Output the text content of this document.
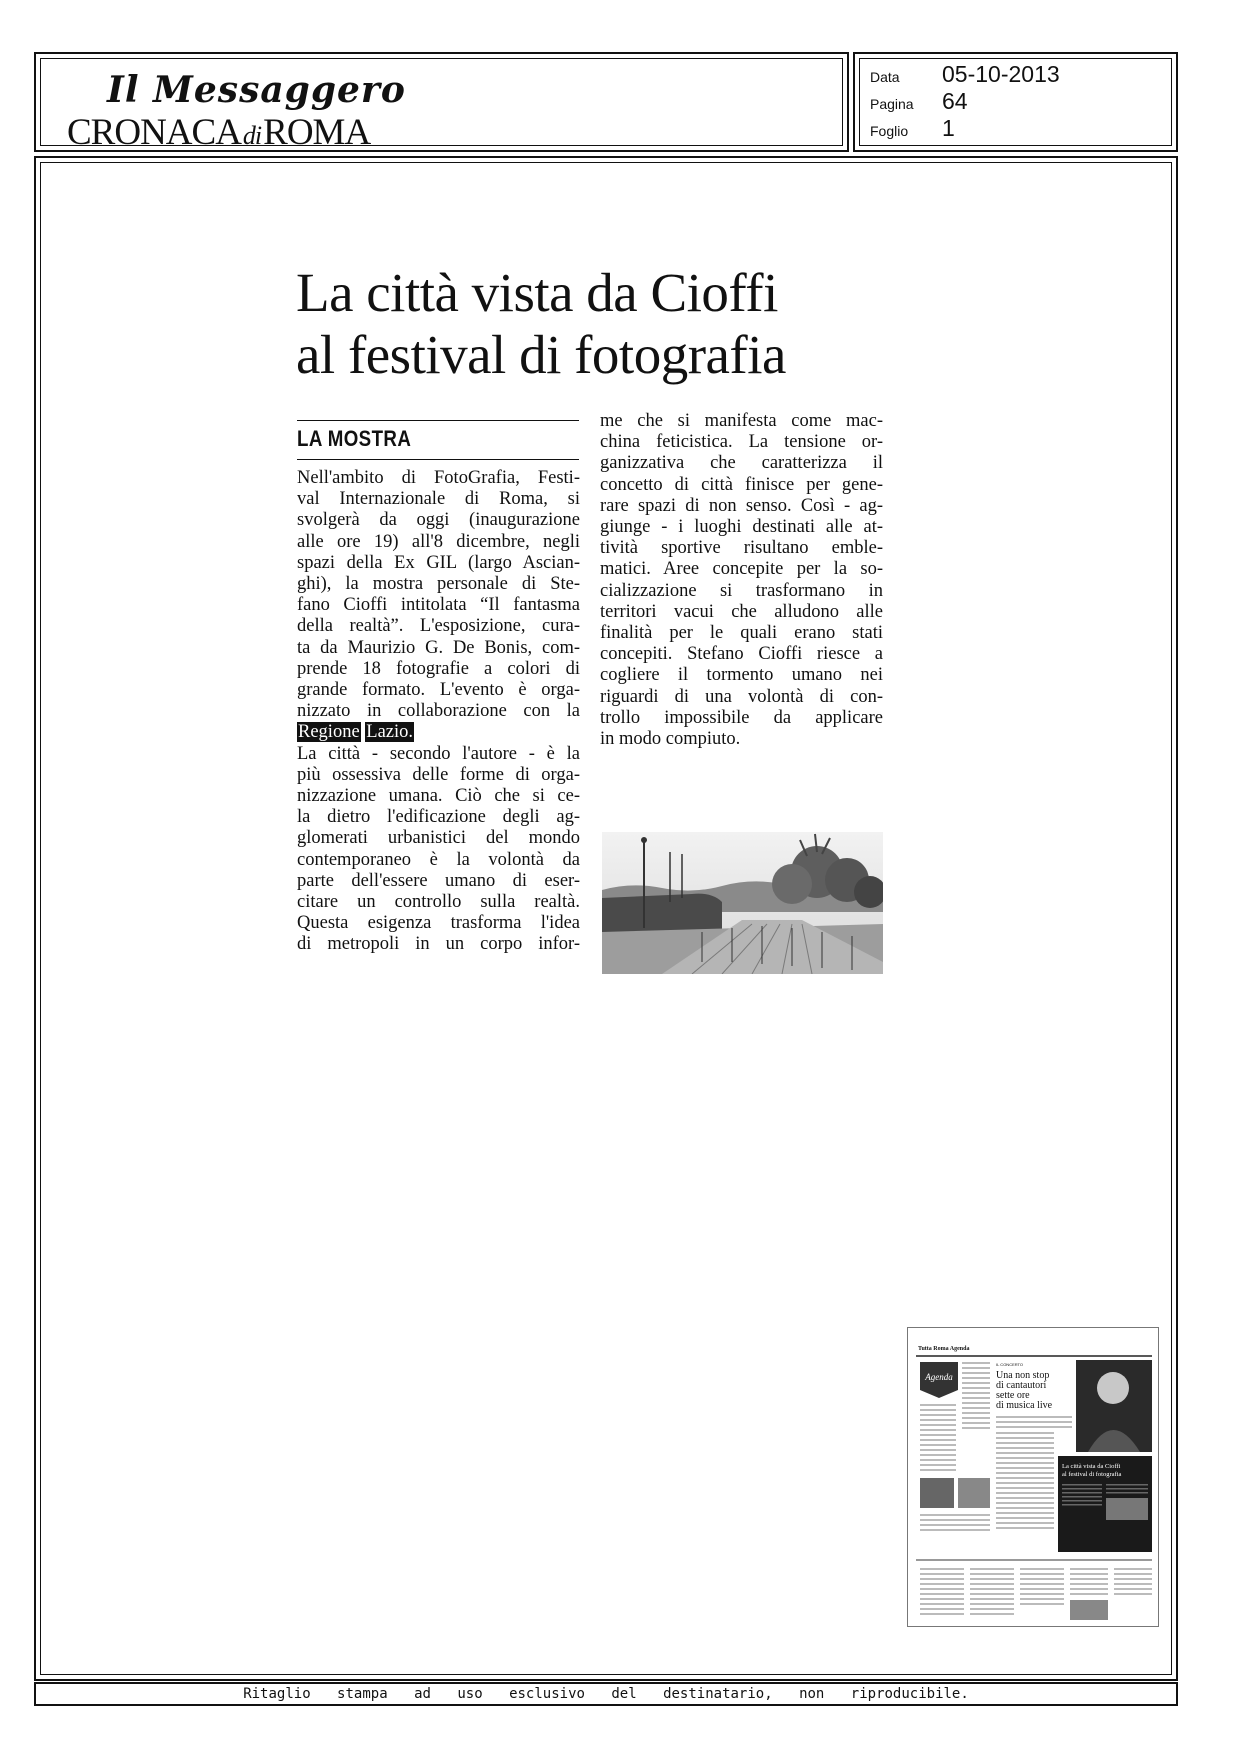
Il Messaggero
CRONACAdiROMA
Data 05-10-2013
Pagina 64
Foglio 1
La città vista da Cioffi
al festival di fotografia
LA MOSTRA
Nell'ambito di FotoGrafia, Festi-
val Internazionale di Roma, si
svolgerà da oggi (inaugurazione
alle ore 19) all'8 dicembre, negli
spazi della Ex GIL (largo Ascian-
ghi), la mostra personale di Ste-
fano Cioffi intitolata “Il fantasma
della realtà”. L'esposizione, cura-
ta da Maurizio G. De Bonis, com-
prende 18 fotografie a colori di
grande formato. L'evento è orga-
nizzato in collaborazione con la
Regione Lazio.
La città - secondo l'autore - è la
più ossessiva delle forme di orga-
nizzazione umana. Ciò che si ce-
la dietro l'edificazione degli ag-
glomerati urbanistici del mondo
contemporaneo è la volontà da
parte dell'essere umano di eser-
citare un controllo sulla realtà.
Questa esigenza trasforma l'idea
di metropoli in un corpo infor-
me che si manifesta come mac-
china feticistica. La tensione or-
ganizzativa che caratterizza il
concetto di città finisce per gene-
rare spazi di non senso. Così - ag-
giunge - i luoghi destinati alle at-
tività sportive risultano emble-
matici. Aree concepite per la so-
cializzazione si trasformano in
territori vacui che alludono alle
finalità per le quali erano stati
concepiti. Stefano Cioffi riesce a
cogliere il tormento umano nei
riguardi di una volontà di con-
trollo impossibile da applicare
in modo compiuto.
Tutta Roma Agenda
Agenda
IL CONCERTO
Una non stop
di cantautori
sette ore
di musica live
La città vista da Cioffi
al festival di fotografia
Ritaglio stampa ad uso esclusivo del destinatario, non riproducibile.
